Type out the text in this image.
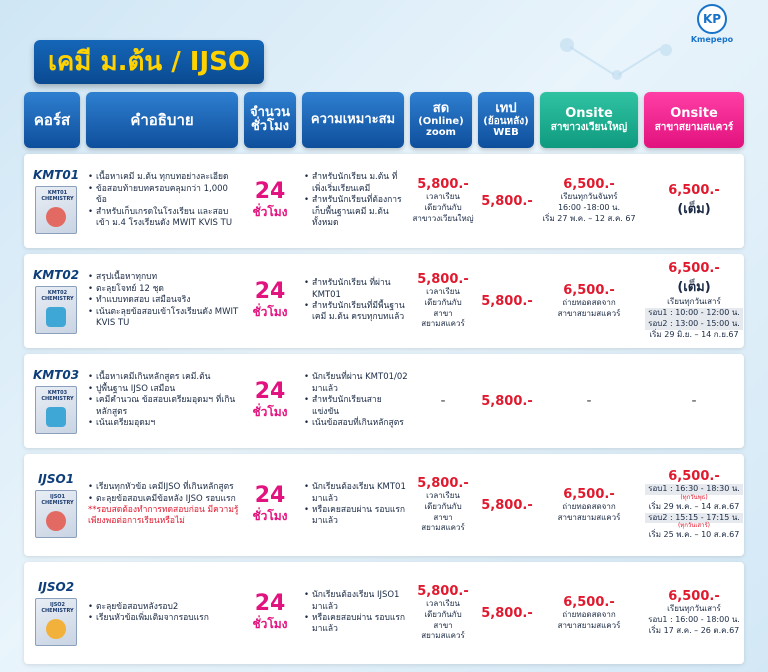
เคมี ม.ต้น / IJSO
KP
Kmepepo
คอร์ส	คำอธิบาย	จำนวน
ชั่วโมง ความเหมาะสม
สด
(Online)
zoom
เทป
(ย้อนหลัง)
WEB
Onsite
สาขาวงเวียนใหญ่
Onsite
สาขาสยามสแควร์
KMT01
KMT01 CHEMISTRY
• เนื้อหาเคมี ม.ต้น ทุกบทอย่างละเอียด
• ข้อสอบท้ายบทครอบคลุมกว่า 1,000 ข้อ
• สำหรับเก็บเกรดในโรงเรียน และสอบเข้า ม.4 โรงเรียนดัง MWIT KVIS TU
24
ชั่วโมง
• สำหรับนักเรียน ม.ต้น ที่เพิ่งเริ่มเรียนเคมี
• สำหรับนักเรียนที่ต้องการเก็บพื้นฐานเคมี ม.ต้น ทั้งหมด
5,800.-
เวลาเรียน
เดียวกันกับ
สาขาวงเวียนใหญ่
5,800.-
6,500.-
เรียนทุกวันจันทร์
16:00 -18:00 น.
เริ่ม 27 พ.ค. – 12 ส.ค. 67
6,500.-
(เต็ม)
KMT02
KMT02 CHEMISTRY
• สรุปเนื้อหาทุกบท
• ตะลุยโจทย์ 12 ชุด
• ทำแบบทดสอบ เสมือนจริง
• เน้นตะลุยข้อสอบเข้าโรงเรียนดัง MWIT KVIS TU
24
ชั่วโมง
• สำหรับนักเรียน ที่ผ่าน KMT01
• สำหรับนักเรียนที่มีพื้นฐาน เคมี ม.ต้น ครบทุกบทแล้ว
5,800.-
เวลาเรียน
เดียวกันกับ
สาขาสยามสแควร์
5,800.-
6,500.-
ถ่ายทอดสดจาก
สาขาสยามสแควร์
6,500.-
(เต็ม)
เรียนทุกวันเสาร์
รอบ1 : 10:00 - 12:00 น.
รอบ2 : 13:00 - 15:00 น.
เริ่ม 29 มิ.ย. – 14 ก.ย.67
KMT03
KMT03 CHEMISTRY
• เนื้อหาเคมีเกินหลักสูตร เคมี.ต้น
• ปูพื้นฐาน IJSO เสมือน
• เคมีคำนวณ ข้อสอบเตรียมอุดมฯ ที่เกินหลักสูตร
• เน้นเตรียมอุดมฯ
24
ชั่วโมง
• นักเรียนที่ผ่าน KMT01/02 มาแล้ว
• สำหรับนักเรียนสายแข่งขัน
• เน้นข้อสอบที่เกินหลักสูตร
-	5,800.-	-	-
IJSO1
IJSO1 CHEMISTRY
• เรียนทุกหัวข้อ เคมีIJSO ที่เกินหลักสูตร
• ตะลุยข้อสอบเคมีข้อหลัง IJSO รอบแรก
**รอบสดต้องทำการทดสอบก่อน มีความรู้เพียงพอต่อการเรียนหรือไม่
24
ชั่วโมง
• นักเรียนต้องเรียน KMT01 มาแล้ว
• หรือเคยสอบผ่าน รอบแรกมาแล้ว
5,800.-
เวลาเรียน
เดียวกันกับ
สาขาสยามสแควร์
5,800.-
6,500.-
ถ่ายทอดสดจาก
สาขาสยามสแควร์
6,500.-
รอบ1 : 16:30 - 18:30 น.
(ทุกวันพุธ)
เริ่ม 29 พ.ค. – 14 ส.ค.67
รอบ2 : 15:15 - 17:15 น.
(ทุกวันเสาร์)
เริ่ม 25 พ.ค. – 10 ส.ค.67
IJSO2
IJSO2 CHEMISTRY
•	ตะลุยข้อสอบหลังรอบ2
• เรียนหัวข้อเพิ่มเติมจากรอบแรก
24
ชั่วโมง
• นักเรียนต้องเรียน IJSO1 มาแล้ว
• หรือเคยสอบผ่าน รอบแรกมาแล้ว
5,800.-
เวลาเรียน
เดียวกันกับ
สาขาสยามสแควร์
5,800.-
6,500.-
ถ่ายทอดสดจาก
สาขาสยามสแควร์
6,500.-
เรียนทุกวันเสาร์
รอบ1 : 16:00 - 18:00 น.
เริ่ม 17 ส.ค. – 26 ต.ค.67
